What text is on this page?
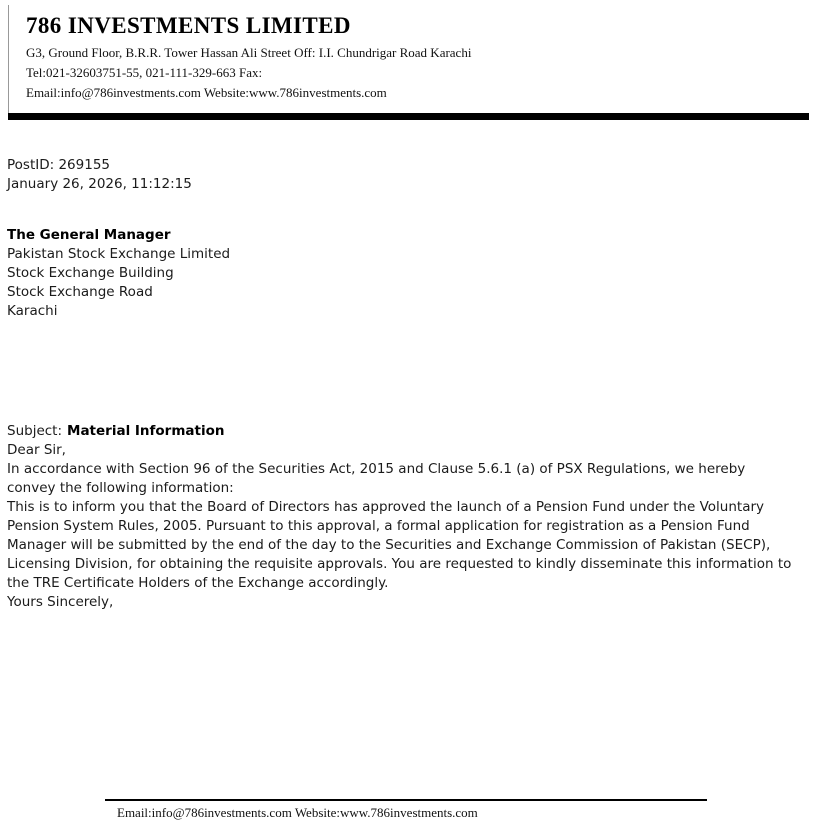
786 INVESTMENTS LIMITED
G3, Ground Floor, B.R.R. Tower Hassan Ali Street Off: I.I. Chundrigar Road Karachi
Tel:021-32603751-55, 021-111-329-663 Fax:
Email:info@786investments.com Website:www.786investments.com
PostID: 269155
January 26, 2026, 11:12:15
The General Manager
Pakistan Stock Exchange Limited
Stock Exchange Building
Stock Exchange Road
Karachi
Subject: Material Information

Dear Sir,

In accordance with Section 96 of the Securities Act, 2015 and Clause 5.6.1 (a) of PSX Regulations, we hereby convey the following information:

This is to inform you that the Board of Directors has approved the launch of a Pension Fund under the Voluntary Pension System Rules, 2005. Pursuant to this approval, a formal application for registration as a Pension Fund Manager will be submitted by the end of the day to the Securities and Exchange Commission of Pakistan (SECP), Licensing Division, for obtaining the requisite approvals. You are requested to kindly disseminate this information to the TRE Certificate Holders of the Exchange accordingly.

Yours Sincerely,

Email:info@786investments.com Website:www.786investments.com
